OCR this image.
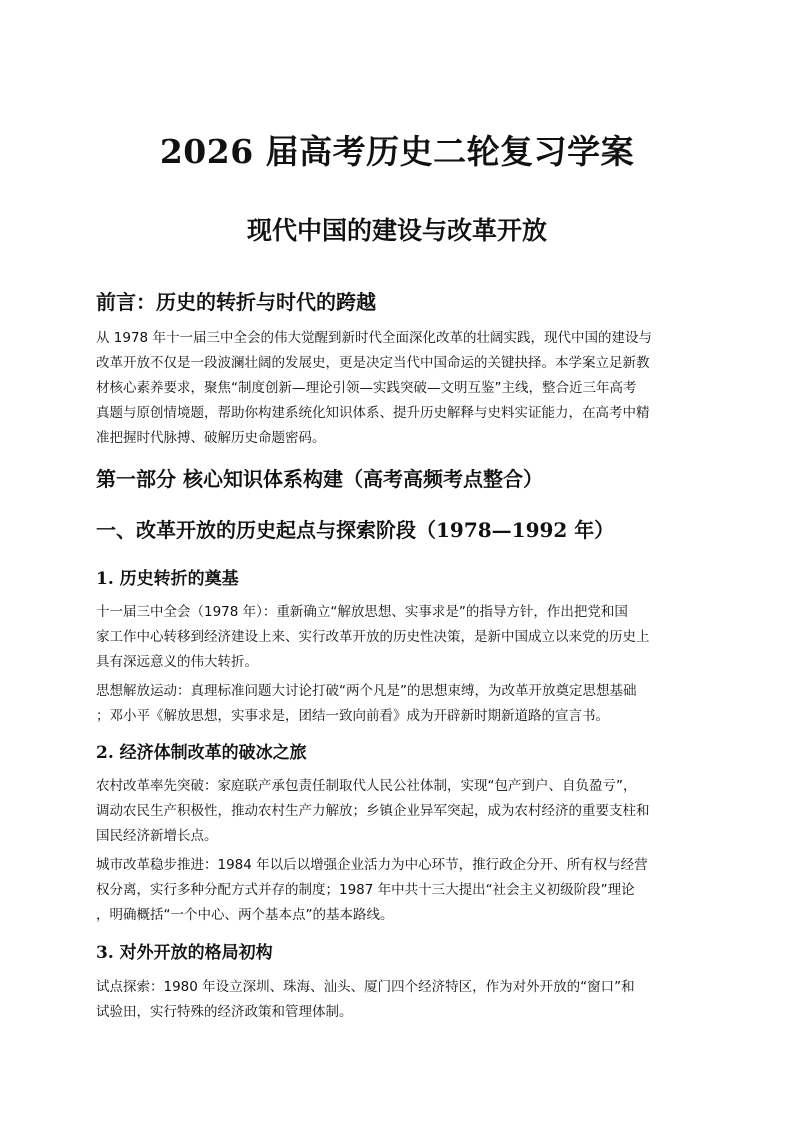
2026 届高考历史二轮复习学案
现代中国的建设与改革开放
前言：历史的转折与时代的跨越
从 1978 年十一届三中全会的伟大觉醒到新时代全面深化改革的壮阔实践，现代中国的建设与
改革开放不仅是一段波澜壮阔的发展史，更是决定当代中国命运的关键抉择。本学案立足新教
材核心素养要求，聚焦“制度创新—理论引领—实践突破—文明互鉴”主线，整合近三年高考
真题与原创情境题，帮助你构建系统化知识体系、提升历史解释与史料实证能力，在高考中精
准把握时代脉搏、破解历史命题密码。
第一部分 核心知识体系构建（高考高频考点整合）
一、改革开放的历史起点与探索阶段（1978—1992 年）
1. 历史转折的奠基
十一届三中全会（1978 年）：重新确立“解放思想、实事求是”的指导方针，作出把党和国
家工作中心转移到经济建设上来、实行改革开放的历史性决策，是新中国成立以来党的历史上
具有深远意义的伟大转折。
思想解放运动：真理标准问题大讨论打破“两个凡是”的思想束缚，为改革开放奠定思想基础
；邓小平《解放思想，实事求是，团结一致向前看》成为开辟新时期新道路的宣言书。
2. 经济体制改革的破冰之旅
农村改革率先突破：家庭联产承包责任制取代人民公社体制，实现“包产到户、自负盈亏”，
调动农民生产积极性，推动农村生产力解放；乡镇企业异军突起，成为农村经济的重要支柱和
国民经济新增长点。
城市改革稳步推进：1984 年以后以增强企业活力为中心环节，推行政企分开、所有权与经营
权分离，实行多种分配方式并存的制度；1987 年中共十三大提出“社会主义初级阶段”理论
，明确概括“一个中心、两个基本点”的基本路线。
3. 对外开放的格局初构
试点探索：1980 年设立深圳、珠海、汕头、厦门四个经济特区，作为对外开放的“窗口”和
试验田，实行特殊的经济政策和管理体制。
